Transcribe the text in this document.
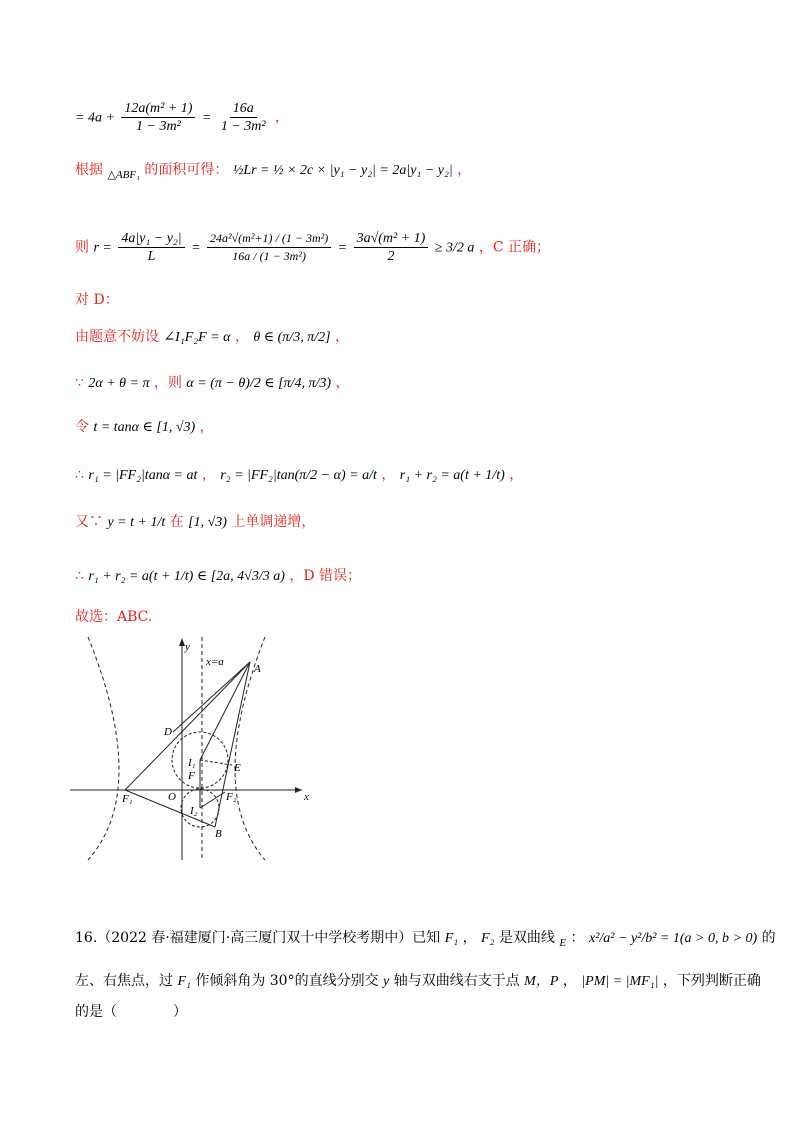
= $4a + \frac{\text{12a(m² + 1)}}{\text{1 − 3m²}} = \frac{16a}{\text{1 − 3m²}}$ ，
根据 $_{\triangle ABF_1}$ 的面积可得： ½Lr = ½ × 2c × |y₁ − y₂| = 2a|y₁ − y₂| ，
则 $r = \frac{\text{4a|y₁ − y₂|}}{L} = \frac{\text{24a²√(m²+1) / (1 − 3m²)}}{\text{16a / (1 − 3m²)}} = \frac{\text{3a√(m² + 1)}}{2} \ge 3/2$ a ，C 正确；
对 D：
由题意不妨设 ∠I₁F₂F = α ， θ ∈ (π/3, π/2] ，
∵ 2α + θ = π ，则 α = (π − θ)/2 ∈ [π/4, π/3) ，
令 t = tanα ∈ [1, √3) ，
∴ r₁ = |FF₂|tanα = at ， r₂ = |FF₂|tan(π/2 − α) = a/t ， r₁ + r₂ = a(t + 1/t) ，
又∵ y = t + 1/t 在 [1, √3) 上单调递增，
∴ r₁ + r₂ = a(t + 1/t) ∈ [2a, 4√3/3 a) ，D 错误；
故选：ABC.
y
x
x=a
A
B
D
E
F
F₁	F₂
O
I₁
I₂
16.（2022 春·福建厦门·高三厦门双十中学校考期中）已知 F₁ ， F₂ 是双曲线 $_E$ ： x²/a² − y²/b² = 1(a > 0, b > 0) 的
左、右焦点，过 F₁ 作倾斜角为 30°的直线分别交 y 轴与双曲线右支于点 M，P ， |PM| = |MF₁| ，下列判断正确
的是（　　　　）
